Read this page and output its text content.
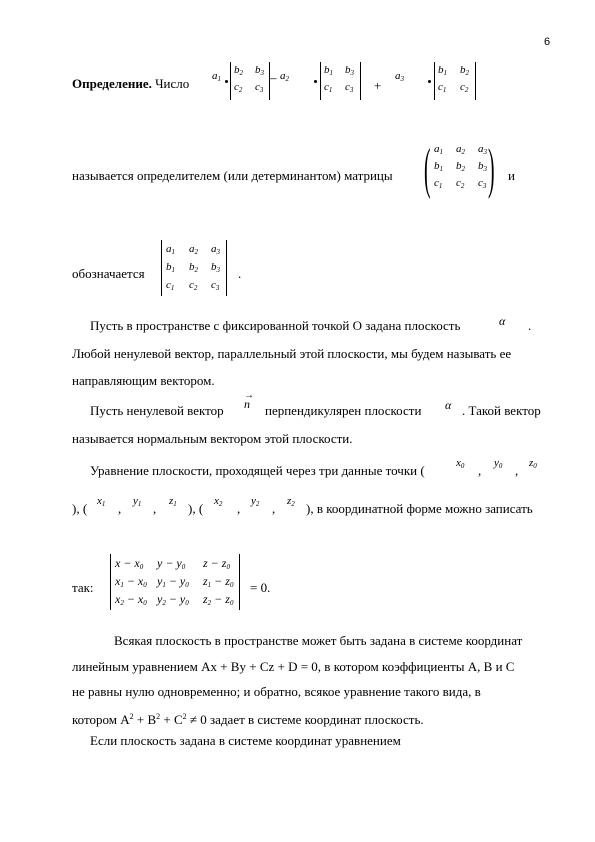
6
Определение. Число $a_1$
$b_2$ $b_3$
$c_2$ $c_3$
– $a_2$
$b_1$ $b_3$
$c_1$ $c_3$ +
$a_3$
$b_1$ $b_2$
$c_1$ $c_2$
называется определителем (или детерминантом) матрицы ( $a_1$ $a_2$ $a_3$
$b_1$ $b_2$ $b_3$
$c_1$ $c_2$ $c_3$ ) и
обозначается
$a_1$ $a_2$ $a_3$
$b_1$ $b_2$ $b_3$
$c_1$ $c_2$ $c_3$
.
Пусть в пространстве с фиксированной точкой O задана плоскость	α .
Любой ненулевой вектор, параллельный этой плоскости, мы будем называть ее
направляющим вектором.
Пусть ненулевой вектор
→
n перпендикулярен плоскости α . Такой вектор
называется нормальным вектором этой плоскости.
Уравнение плоскости, проходящей через три данные точки (	$x_0$ , $y_0$ , $z_0$
), ( $x_1$ , $y_1$ , $z_1$ ), ( $x_2$ , $y_2$ , $z_2$ ), в координатной форме можно записать
так:
$x - x_0$ $y - y_0$ $z - z_0$
$x_1 - x_0$ $y_1 - y_0$ $z_1 - z_0$
$x_2 - x_0$ $y_2 - y_0$ $z_2 - z_0$
= 0.
Всякая плоскость в пространстве может быть задана в системе координат
линейным уравнением Ax + By + Cz + D = 0, в котором коэффициенты A, B и C
не равны нулю одновременно; и обратно, всякое уравнение такого вида, в
котором $A^2 + B^2 + C^2 \ne 0$ задает в системе координат плоскость.
Если плоскость задана в системе координат уравнением
